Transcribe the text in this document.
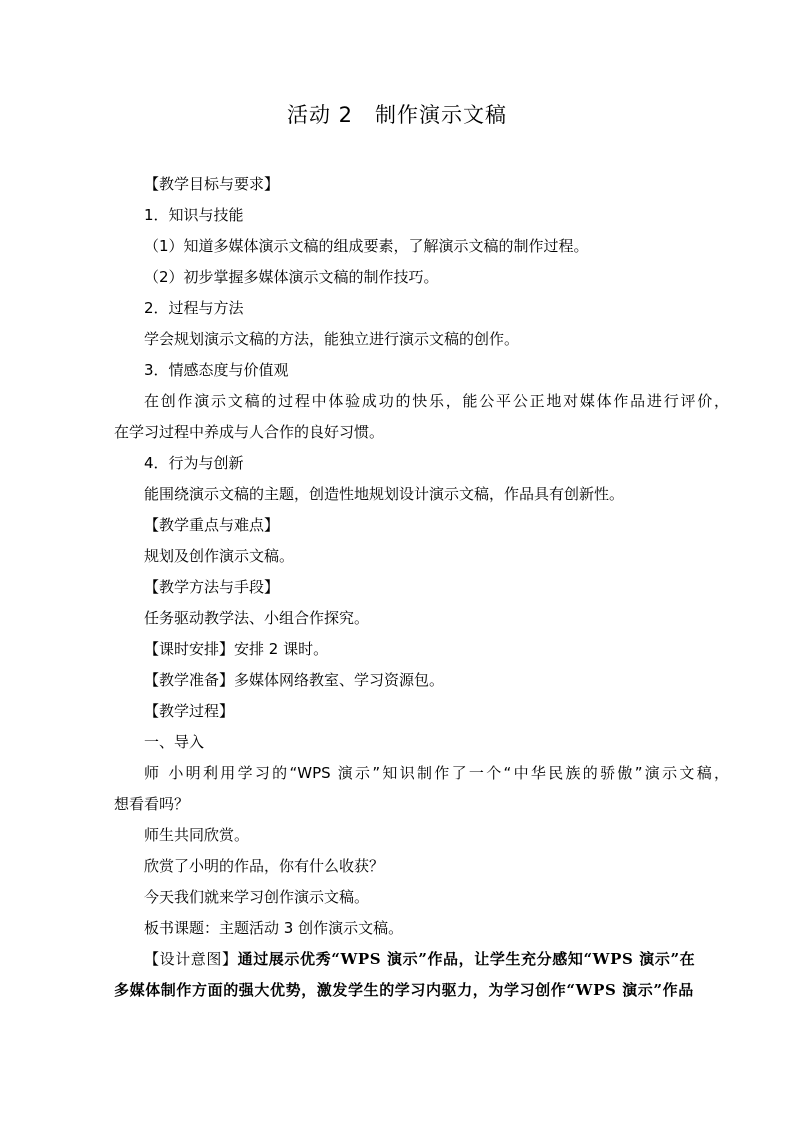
活动 2　制作演示文稿
【教学目标与要求】
1．知识与技能
（1）知道多媒体演示文稿的组成要素，了解演示文稿的制作过程。
（2）初步掌握多媒体演示文稿的制作技巧。
2．过程与方法
学会规划演示文稿的方法，能独立进行演示文稿的创作。
3．情感态度与价值观
在创作演示文稿的过程中体验成功的快乐，能公平公正地对媒体作品进行评价，
在学习过程中养成与人合作的良好习惯。
4．行为与创新
能围绕演示文稿的主题，创造性地规划设计演示文稿，作品具有创新性。
【教学重点与难点】
规划及创作演示文稿。
【教学方法与手段】
任务驱动教学法、小组合作探究。
【课时安排】安排 2 课时。
【教学准备】多媒体网络教室、学习资源包。
【教学过程】
一、导入
师 小明利用学习的“WPS 演示”知识制作了一个“中华民族的骄傲”演示文稿，
想看看吗？
师生共同欣赏。
欣赏了小明的作品，你有什么收获？
今天我们就来学习创作演示文稿。
板书课题：主题活动 3 创作演示文稿。
【设计意图】通过展示优秀“WPS 演示”作品，让学生充分感知“WPS 演示”在
多媒体制作方面的强大优势，激发学生的学习内驱力，为学习创作“WPS 演示”作品
